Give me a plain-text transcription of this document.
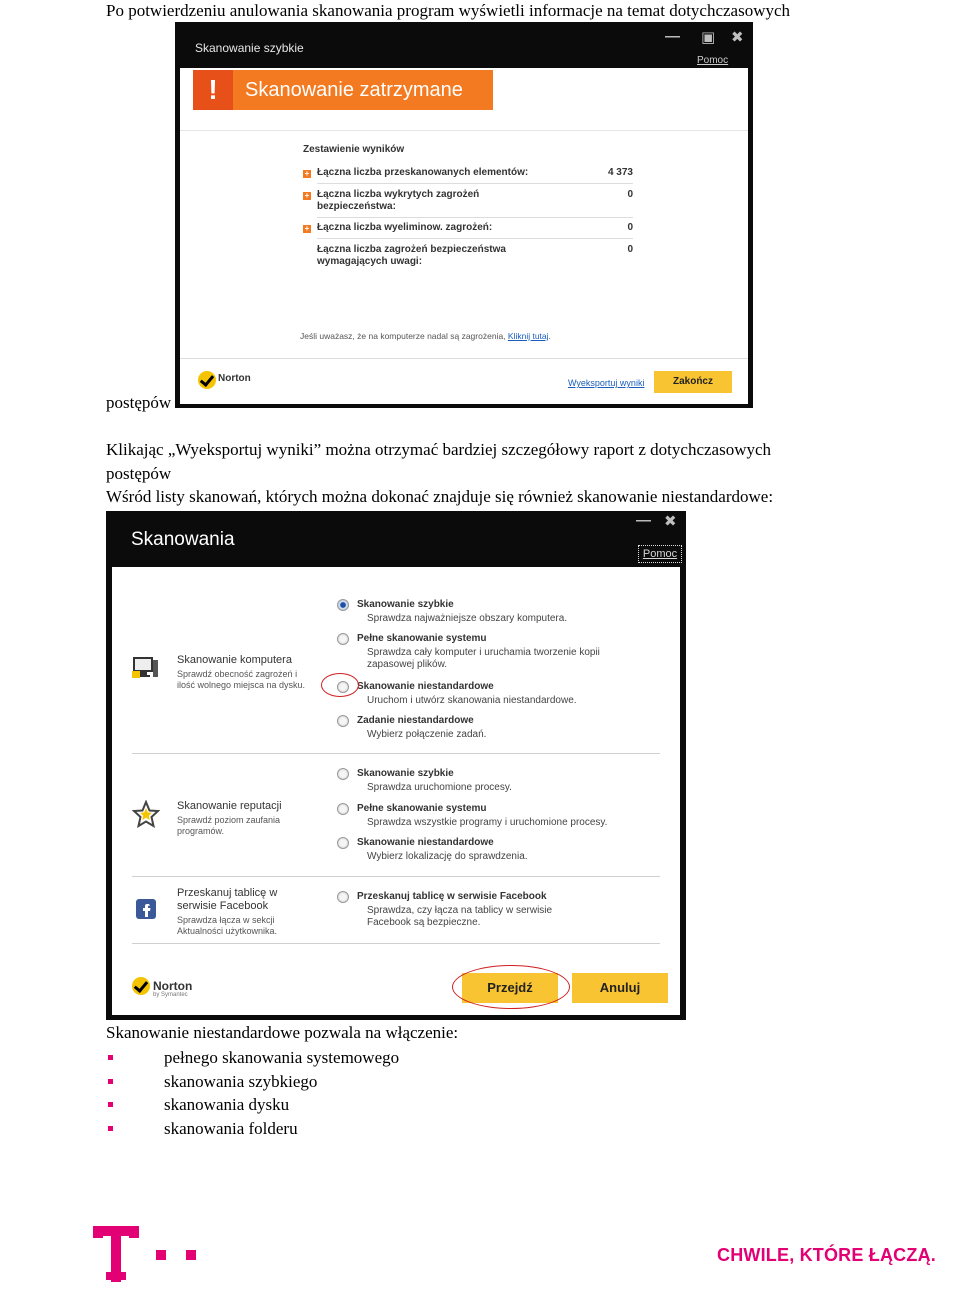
Po potwierdzeniu anulowania skanowania program wyświetli informacje na temat dotychczasowych
Skanowanie szybkie
— ▣ ✖
Pomoc
!	Skanowanie zatrzymane
Zestawienie wyników
+ Łączna liczba przeskanowanych elementów:	4 373
+ Łączna liczba wykrytych zagrożeń
bezpieczeństwa:
0
+ Łączna liczba wyeliminow. zagrożeń:	0
Łączna liczba zagrożeń bezpieczeństwa
wymagających uwagi:
0
Jeśli uważasz, że na komputerze nadal są zagrożenia, Kliknij tutaj.
Norton	Wyeksportuj wyniki	Zakończ
postępów
Klikając „Wyeksportuj wyniki” można otrzymać bardziej szczegółowy raport z dotychczasowych
postępów
Wśród listy skanowań, których można dokonać znajduje się również skanowanie niestandardowe:
Skanowania
— ✖
Pomoc
Skanowanie komputera
Sprawdź obecność zagrożeń i
ilość wolnego miejsca na dysku.
Skanowanie szybkie
Sprawdza najważniejsze obszary komputera.
Pełne skanowanie systemu
Sprawdza cały komputer i uruchamia tworzenie kopii
zapasowej plików.
Skanowanie niestandardowe
Uruchom i utwórz skanowania niestandardowe.
Zadanie niestandardowe
Wybierz połączenie zadań.
Skanowanie reputacji
Sprawdź poziom zaufania
programów.
Skanowanie szybkie
Sprawdza uruchomione procesy.
Pełne skanowanie systemu
Sprawdza wszystkie programy i uruchomione procesy.
Skanowanie niestandardowe
Wybierz lokalizację do sprawdzenia.
Przeskanuj tablicę w
serwisie Facebook
Sprawdza łącza w sekcji
Aktualności użytkownika.
Przeskanuj tablicę w serwisie Facebook
Sprawdza, czy łącza na tablicy w serwisie
Facebook są bezpieczne.
Norton
by Symantec	Przejdź	Anuluj
Skanowanie niestandardowe pozwala na włączenie:
pełnego skanowania systemowego
skanowania szybkiego
skanowania dysku
skanowania folderu
CHWILE, KTÓRE ŁĄCZĄ.
